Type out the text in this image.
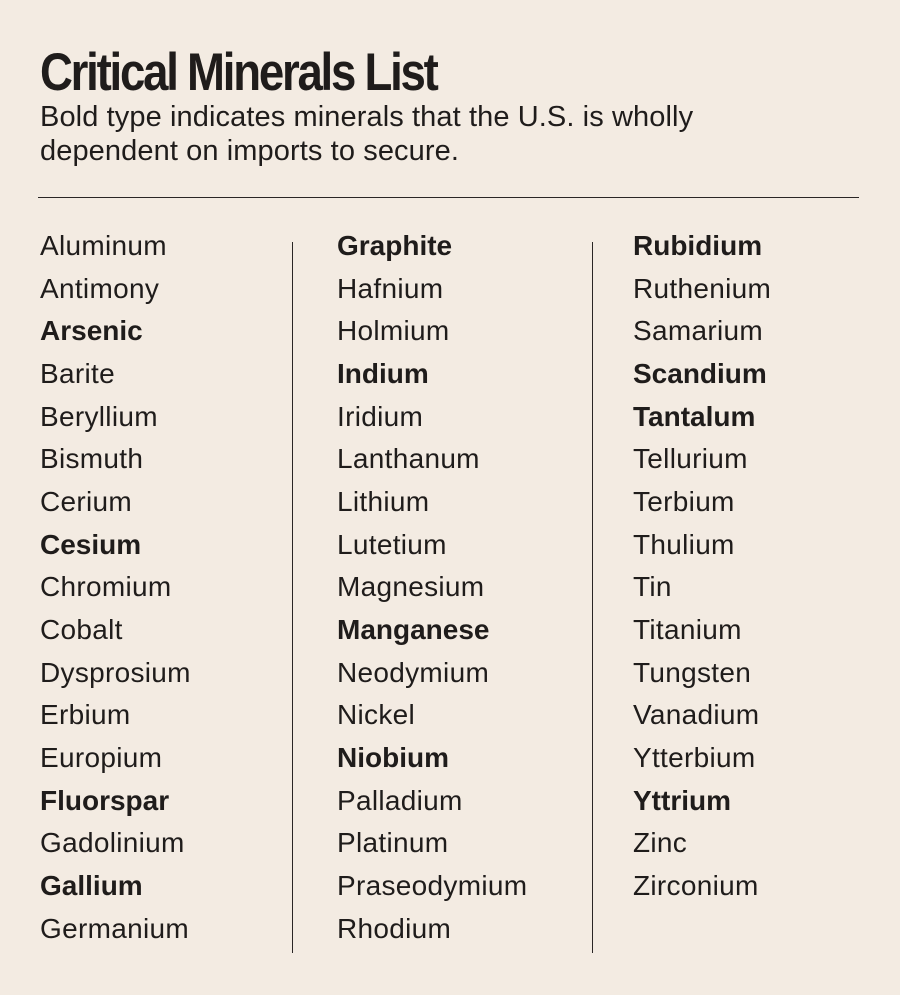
Critical Minerals List

Bold type indicates minerals that the U.S. is wholly dependent on imports to secure.

Aluminum
Antimony
Arsenic
Barite
Beryllium
Bismuth
Cerium
Cesium
Chromium
Cobalt
Dysprosium
Erbium
Europium
Fluorspar
Gadolinium
Gallium
Germanium
Graphite
Hafnium
Holmium
Indium
Iridium
Lanthanum
Lithium
Lutetium
Magnesium
Manganese
Neodymium
Nickel
Niobium
Palladium
Platinum
Praseodymium
Rhodium
Rubidium
Ruthenium
Samarium
Scandium
Tantalum
Tellurium
Terbium
Thulium
Tin
Titanium
Tungsten
Vanadium
Ytterbium
Yttrium
Zinc
Zirconium
